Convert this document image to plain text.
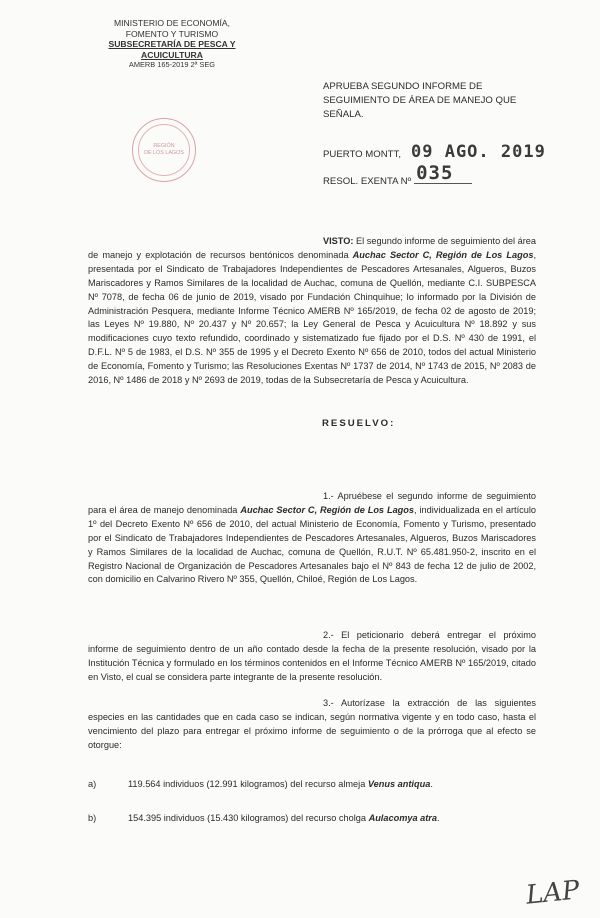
MINISTERIO DE ECONOMÍA,
FOMENTO Y TURISMO
SUBSECRETARÍA DE PESCA Y ACUICULTURA
AMERB 165-2019 2ª SEG
REGIÓN
DE LOS LAGOS
APRUEBA SEGUNDO INFORME DE SEGUIMIENTO DE ÁREA DE MANEJO QUE SEÑALA.
PUERTO MONTT, 09 AGO. 2019
RESOL. EXENTA Nº 035
VISTO: El segundo informe de seguimiento del área de manejo y explotación de recursos bentónicos denominada Auchac Sector C, Región de Los Lagos, presentada por el Sindicato de Trabajadores Independientes de Pescadores Artesanales, Algueros, Buzos Mariscadores y Ramos Similares de la localidad de Auchac, comuna de Quellón, mediante C.I. SUBPESCA Nº 7078, de fecha 06 de junio de 2019, visado por Fundación Chinquihue; lo informado por la División de Administración Pesquera, mediante Informe Técnico AMERB Nº 165/2019, de fecha 02 de agosto de 2019; las Leyes Nº 19.880, Nº 20.437 y Nº 20.657; la Ley General de Pesca y Acuicultura Nº 18.892 y sus modificaciones cuyo texto refundido, coordinado y sistematizado fue fijado por el D.S. Nº 430 de 1991, el D.F.L. Nº 5 de 1983, el D.S. Nº 355 de 1995 y el Decreto Exento Nº 656 de 2010, todos del actual Ministerio de Economía, Fomento y Turismo; las Resoluciones Exentas Nº 1737 de 2014, Nº 1743 de 2015, Nº 2083 de 2016, Nº 1486 de 2018 y Nº 2693 de 2019, todas de la Subsecretaría de Pesca y Acuicultura.
RESUELVO:
1.- Apruébese el segundo informe de seguimiento para el área de manejo denominada Auchac Sector C, Región de Los Lagos, individualizada en el artículo 1º del Decreto Exento Nº 656 de 2010, del actual Ministerio de Economía, Fomento y Turismo, presentado por el Sindicato de Trabajadores Independientes de Pescadores Artesanales, Algueros, Buzos Mariscadores y Ramos Similares de la localidad de Auchac, comuna de Quellón, R.U.T. Nº 65.481.950-2, inscrito en el Registro Nacional de Organización de Pescadores Artesanales bajo el Nº 843 de fecha 12 de julio de 2002, con domicilio en Calvarino Rivero Nº 355, Quellón, Chiloé, Región de Los Lagos.
2.- El peticionario deberá entregar el próximo informe de seguimiento dentro de un año contado desde la fecha de la presente resolución, visado por la Institución Técnica y formulado en los términos contenidos en el Informe Técnico AMERB Nº 165/2019, citado en Visto, el cual se considera parte integrante de la presente resolución.
3.- Autorízase la extracción de las siguientes especies en las cantidades que en cada caso se indican, según normativa vigente y en todo caso, hasta el vencimiento del plazo para entregar el próximo informe de seguimiento o de la prórroga que al efecto se otorgue:
a)	119.564 individuos (12.991 kilogramos) del recurso almeja Venus antiqua.
b)	154.395 individuos (15.430 kilogramos) del recurso cholga Aulacomya atra.
LAP
